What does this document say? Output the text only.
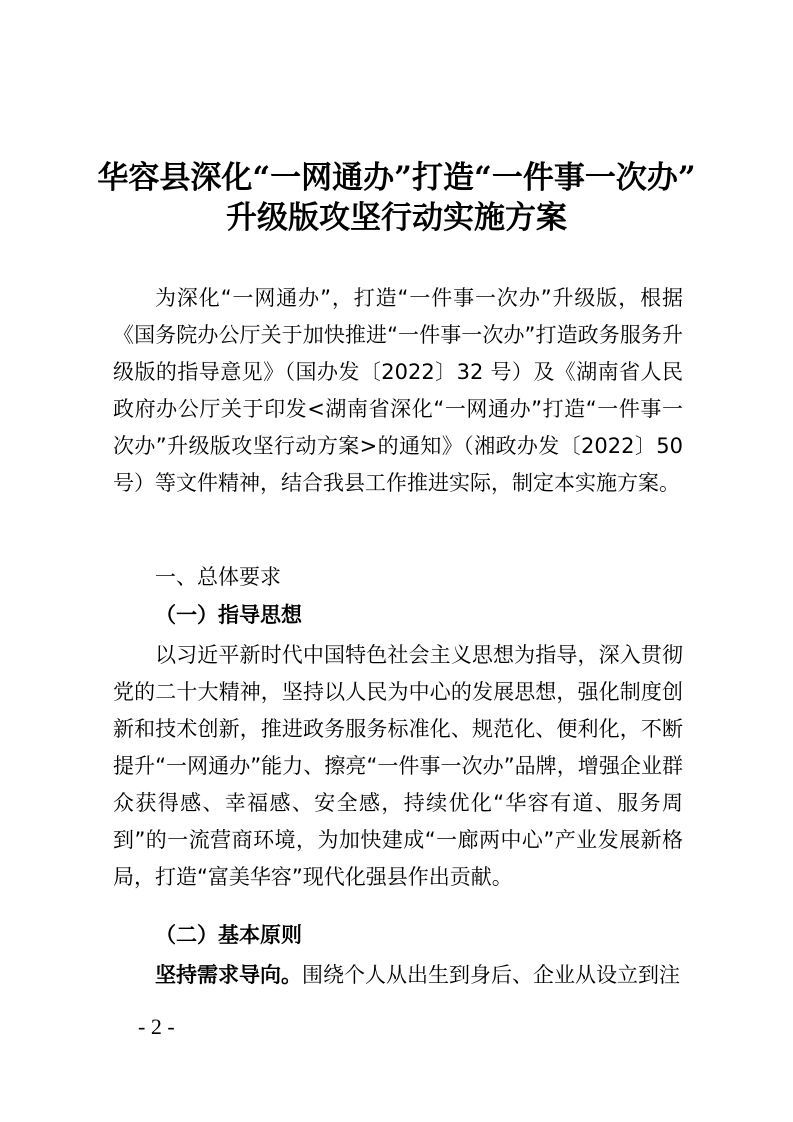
华容县深化“一网通办”打造“一件事一次办”
升级版攻坚行动实施方案
为深化“一网通办”，打造“一件事一次办”升级版，根据《国务院办公厅关于加快推进“一件事一次办”打造政务服务升级版的指导意见》（国办发〔2022〕32 号）及《湖南省人民政府办公厅关于印发<湖南省深化“一网通办”打造“一件事一次办”升级版攻坚行动方案>的通知》（湘政办发〔2022〕50 号）等文件精神，结合我县工作推进实际，制定本实施方案。
一、总体要求
（一）指导思想
以习近平新时代中国特色社会主义思想为指导，深入贯彻党的二十大精神，坚持以人民为中心的发展思想，强化制度创新和技术创新，推进政务服务标准化、规范化、便利化，不断提升“一网通办”能力、擦亮“一件事一次办”品牌，增强企业群众获得感、幸福感、安全感，持续优化“华容有道、服务周到”的一流营商环境，为加快建成“一廊两中心”产业发展新格局，打造“富美华容”现代化强县作出贡献。
（二）基本原则
坚持需求导向。围绕个人从出生到身后、企业从设立到注
- 2 -
